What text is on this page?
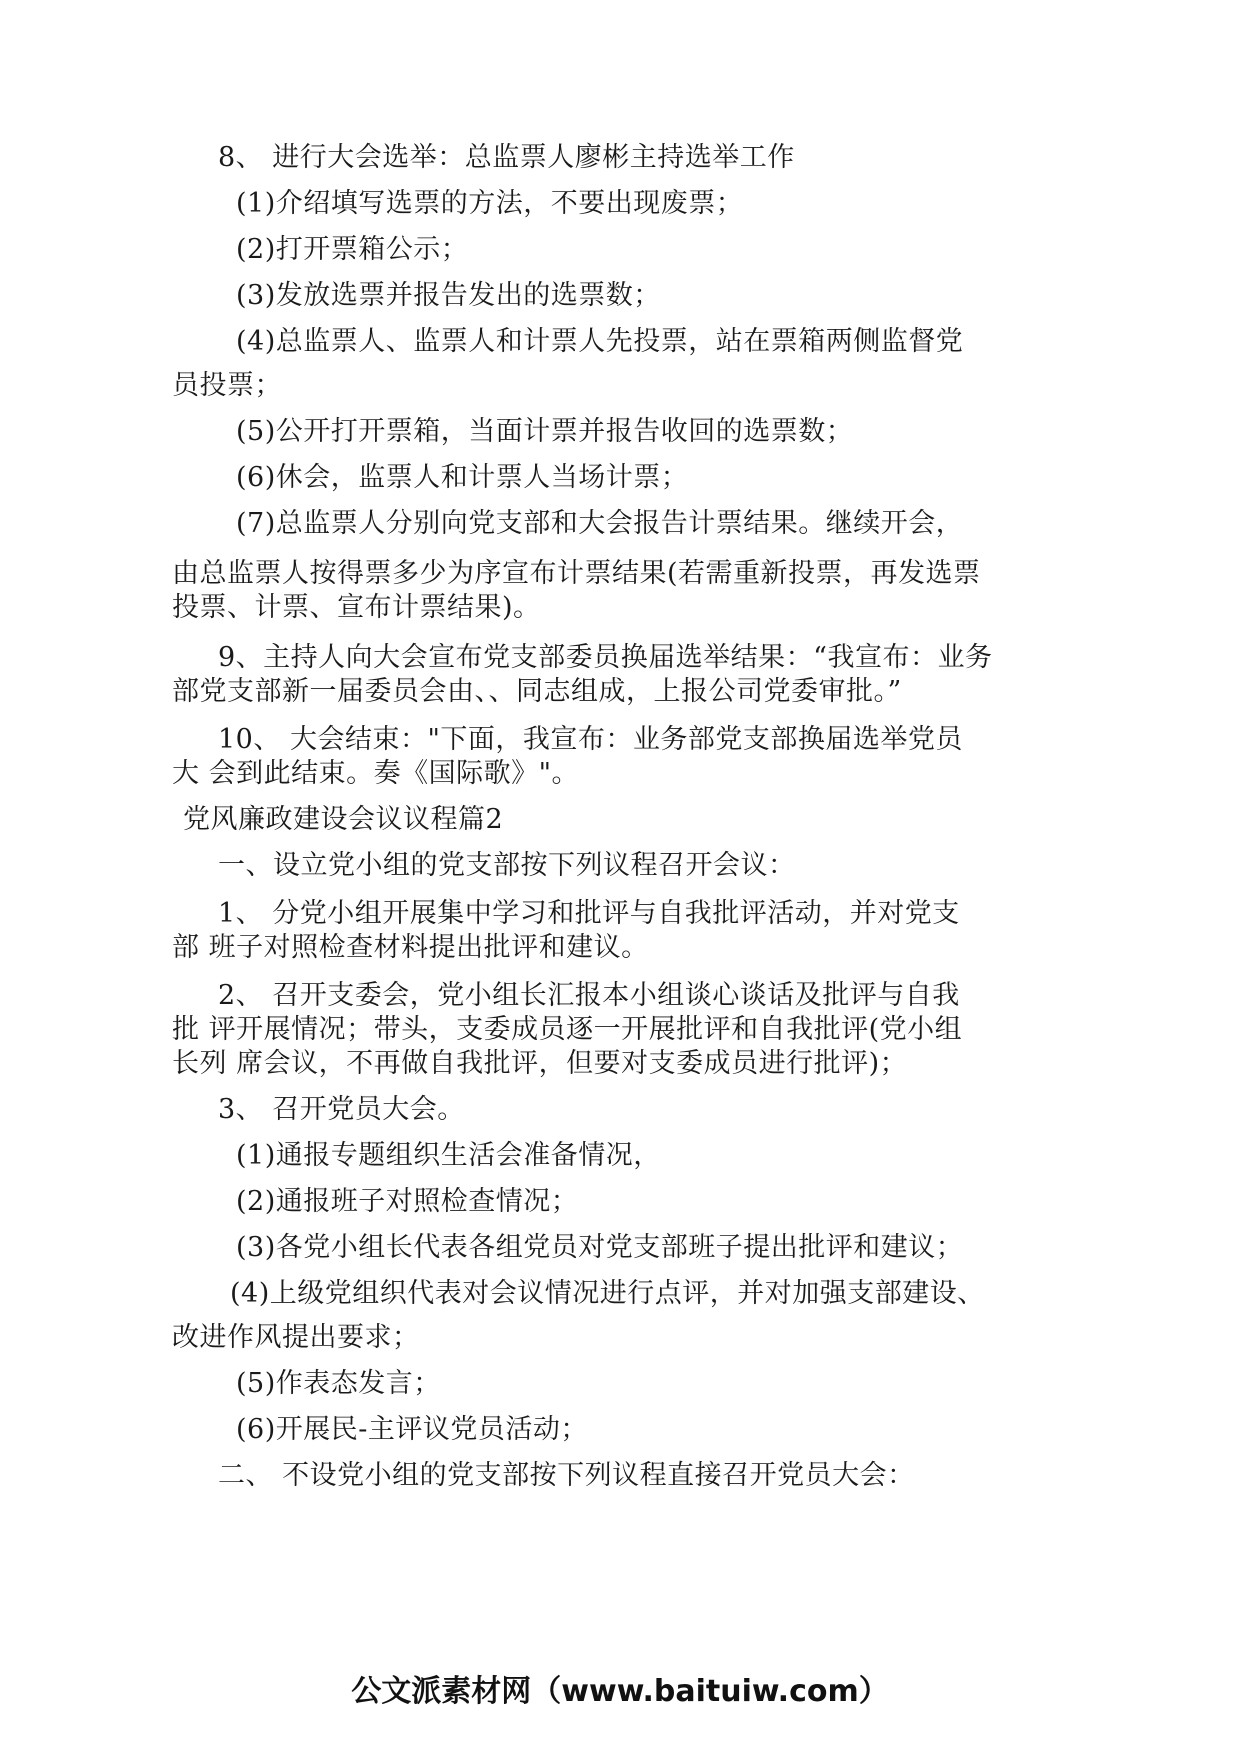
8、 进行大会选举：总监票人廖彬主持选举工作
(1)介绍填写选票的方法，不要出现废票；
(2)打开票箱公示；
(3)发放选票并报告发出的选票数；
(4)总监票人、监票人和计票人先投票，站在票箱两侧监督党
员投票；
(5)公开打开票箱，当面计票并报告收回的选票数；
(6)休会，监票人和计票人当场计票；
(7)总监票人分别向党支部和大会报告计票结果。继续开会，
由总监票人按得票多少为序宣布计票结果(若需重新投票，再发选票
投票、计票、宣布计票结果)。
9、主持人向大会宣布党支部委员换届选举结果：“我宣布：业务
部党支部新一届委员会由、、同志组成，上报公司党委审批。”
10、 大会结束："下面，我宣布：业务部党支部换届选举党员
大 会到此结束。奏《国际歌》"。
党风廉政建设会议议程篇2
一、设立党小组的党支部按下列议程召开会议：
1、 分党小组开展集中学习和批评与自我批评活动，并对党支
部 班子对照检查材料提出批评和建议。
2、 召开支委会，党小组长汇报本小组谈心谈话及批评与自我
批 评开展情况；带头，支委成员逐一开展批评和自我批评(党小组
长列 席会议，不再做自我批评，但要对支委成员进行批评)；
3、 召开党员大会。
(1)通报专题组织生活会准备情况，
(2)通报班子对照检查情况；
(3)各党小组长代表各组党员对党支部班子提出批评和建议；
(4)上级党组织代表对会议情况进行点评，并对加强支部建设、
改进作风提出要求；
(5)作表态发言；
(6)开展民-主评议党员活动；
二、 不设党小组的党支部按下列议程直接召开党员大会：
公文派素材网（www.baituiw.com）
